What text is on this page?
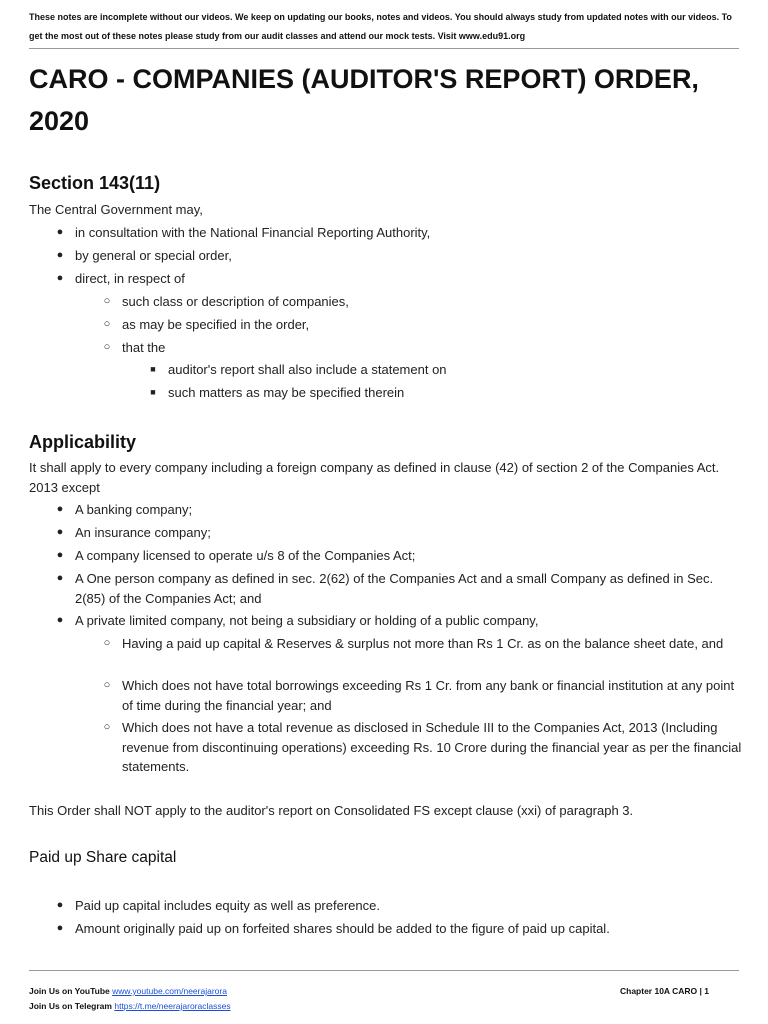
These notes are incomplete without our videos. We keep on updating our books, notes and videos. You should always study from updated notes with our videos. To get the most out of these notes please study from our audit classes and attend our mock tests. Visit www.edu91.org
CARO - COMPANIES (AUDITOR'S REPORT) ORDER, 2020
Section 143(11)

The Central Government may,

● in consultation with the National Financial Reporting Authority,
● by general or special order,
● direct, in respect of
○ such class or description of companies,
○ as may be specified in the order,
○ that the
■ auditor's report shall also include a statement on
■ such matters as may be specified therein
Applicability

It shall apply to every company including a foreign company as defined in clause (42) of section 2 of the Companies Act. 2013 except

● A banking company;
● An insurance company;
● A company licensed to operate u/s 8 of the Companies Act;
● A One person company as defined in sec. 2(62) of the Companies Act and a small Company as defined in Sec. 2(85) of the Companies Act; and
● A private limited company, not being a subsidiary or holding of a public company,
○ Having a paid up capital & Reserves & surplus not more than Rs 1 Cr. as on the balance sheet date, and
○ Which does not have total borrowings exceeding Rs 1 Cr. from any bank or financial institution at any point of time during the financial year; and
○ Which does not have a total revenue as disclosed in Schedule III to the Companies Act, 2013 (Including revenue from discontinuing operations) exceeding Rs. 10 Crore during the financial year as per the financial statements.

This Order shall NOT apply to the auditor's report on Consolidated FS except clause (xxi) of paragraph 3.

Paid up Share capital
● Paid up capital includes equity as well as preference.
● Amount originally paid up on forfeited shares should be added to the figure of paid up capital.
Join Us on YouTube www.youtube.com/neerajarora
Join Us on Telegram https://t.me/neerajaroraclasses
Chapter 10A CARO | 1
